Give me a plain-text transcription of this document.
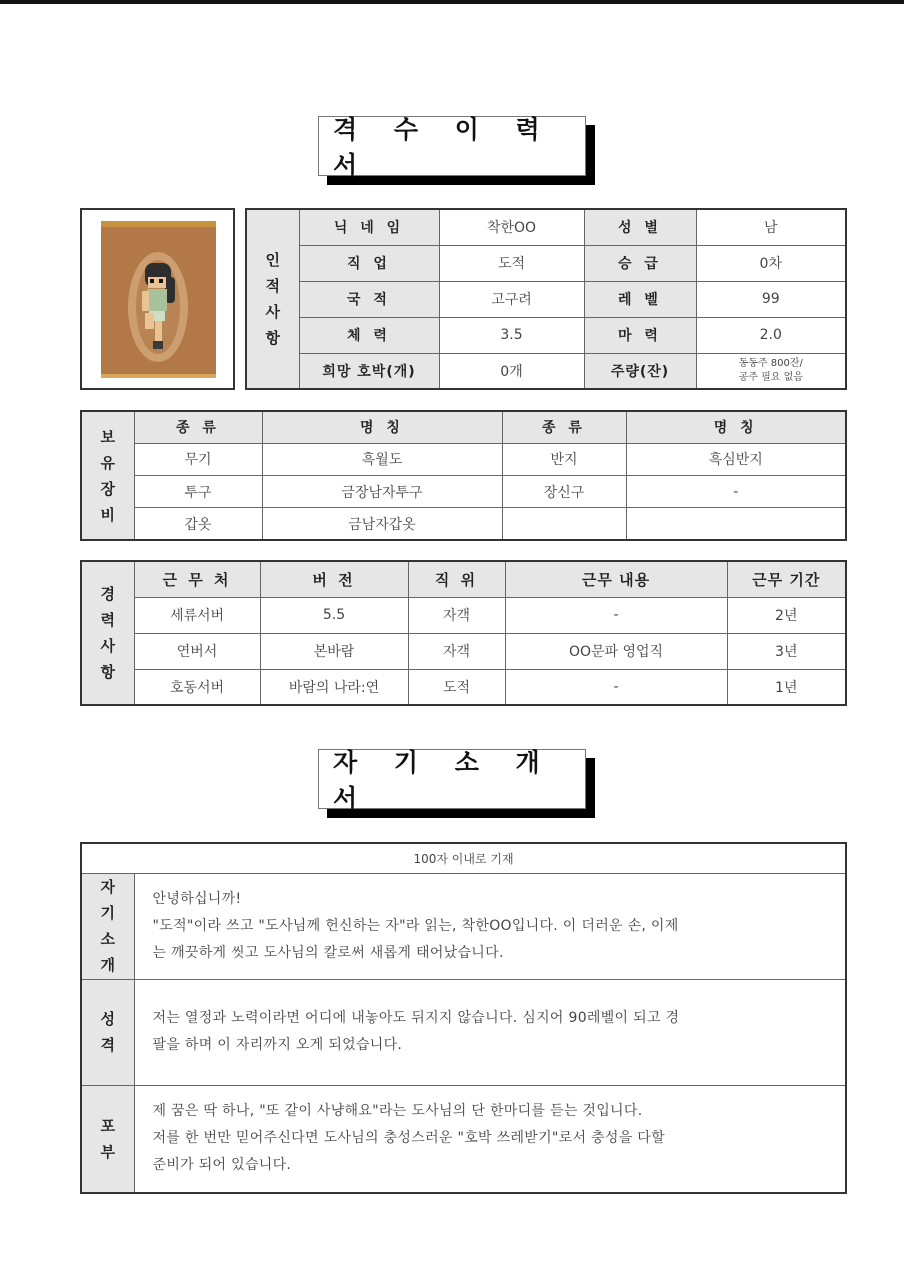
격 수 이 력 서
인
적
사
항	닉 네 임	착한OO	성 별	남
	직 업	도적	승 급	0차
	국 적	고구려	레 벨	99
	체 력	3.5	마 력	2.0
	희망 호박(개)	0개	주량(잔)	동동주 800잔/
공주 필요 없음
보
유
장
비	종 류	명 칭	종 류	명 칭
	무기	흑월도	반지	흑심반지
	투구	금장남자투구	장신구	-
	갑옷	금남자갑옷		
경
력
사
항	근 무 처	버 전	직 위	근무 내용	근무 기간
	세류서버	5.5	자객	-	2년
	연버서	본바람	자객	OO문파 영업직	3년
	호동서버	바람의 나라:연	도적	-	1년
자 기 소 개 서
100자 이내로 기재	

자
기
소
개

안녕하십니까!
"도적"이라 쓰고 "도사님께 헌신하는 자"라 읽는, 착한OO입니다. 이 더러운 손, 이제
는 깨끗하게 씻고 도사님의 칼로써 새롭게 태어났습니다.

성
격

저는 열정과 노력이라면 어디에 내놓아도 뒤지지 않습니다. 심지어 90레벨이 되고 경
팔을 하며 이 자리까지 오게 되었습니다.

포
부

제 꿈은 딱 하나, "또 같이 사냥해요"라는 도사님의 단 한마디를 듣는 것입니다.
저를 한 번만 믿어주신다면 도사님의 충성스러운 "호박 쓰레받기"로서 충성을 다할
준비가 되어 있습니다.
